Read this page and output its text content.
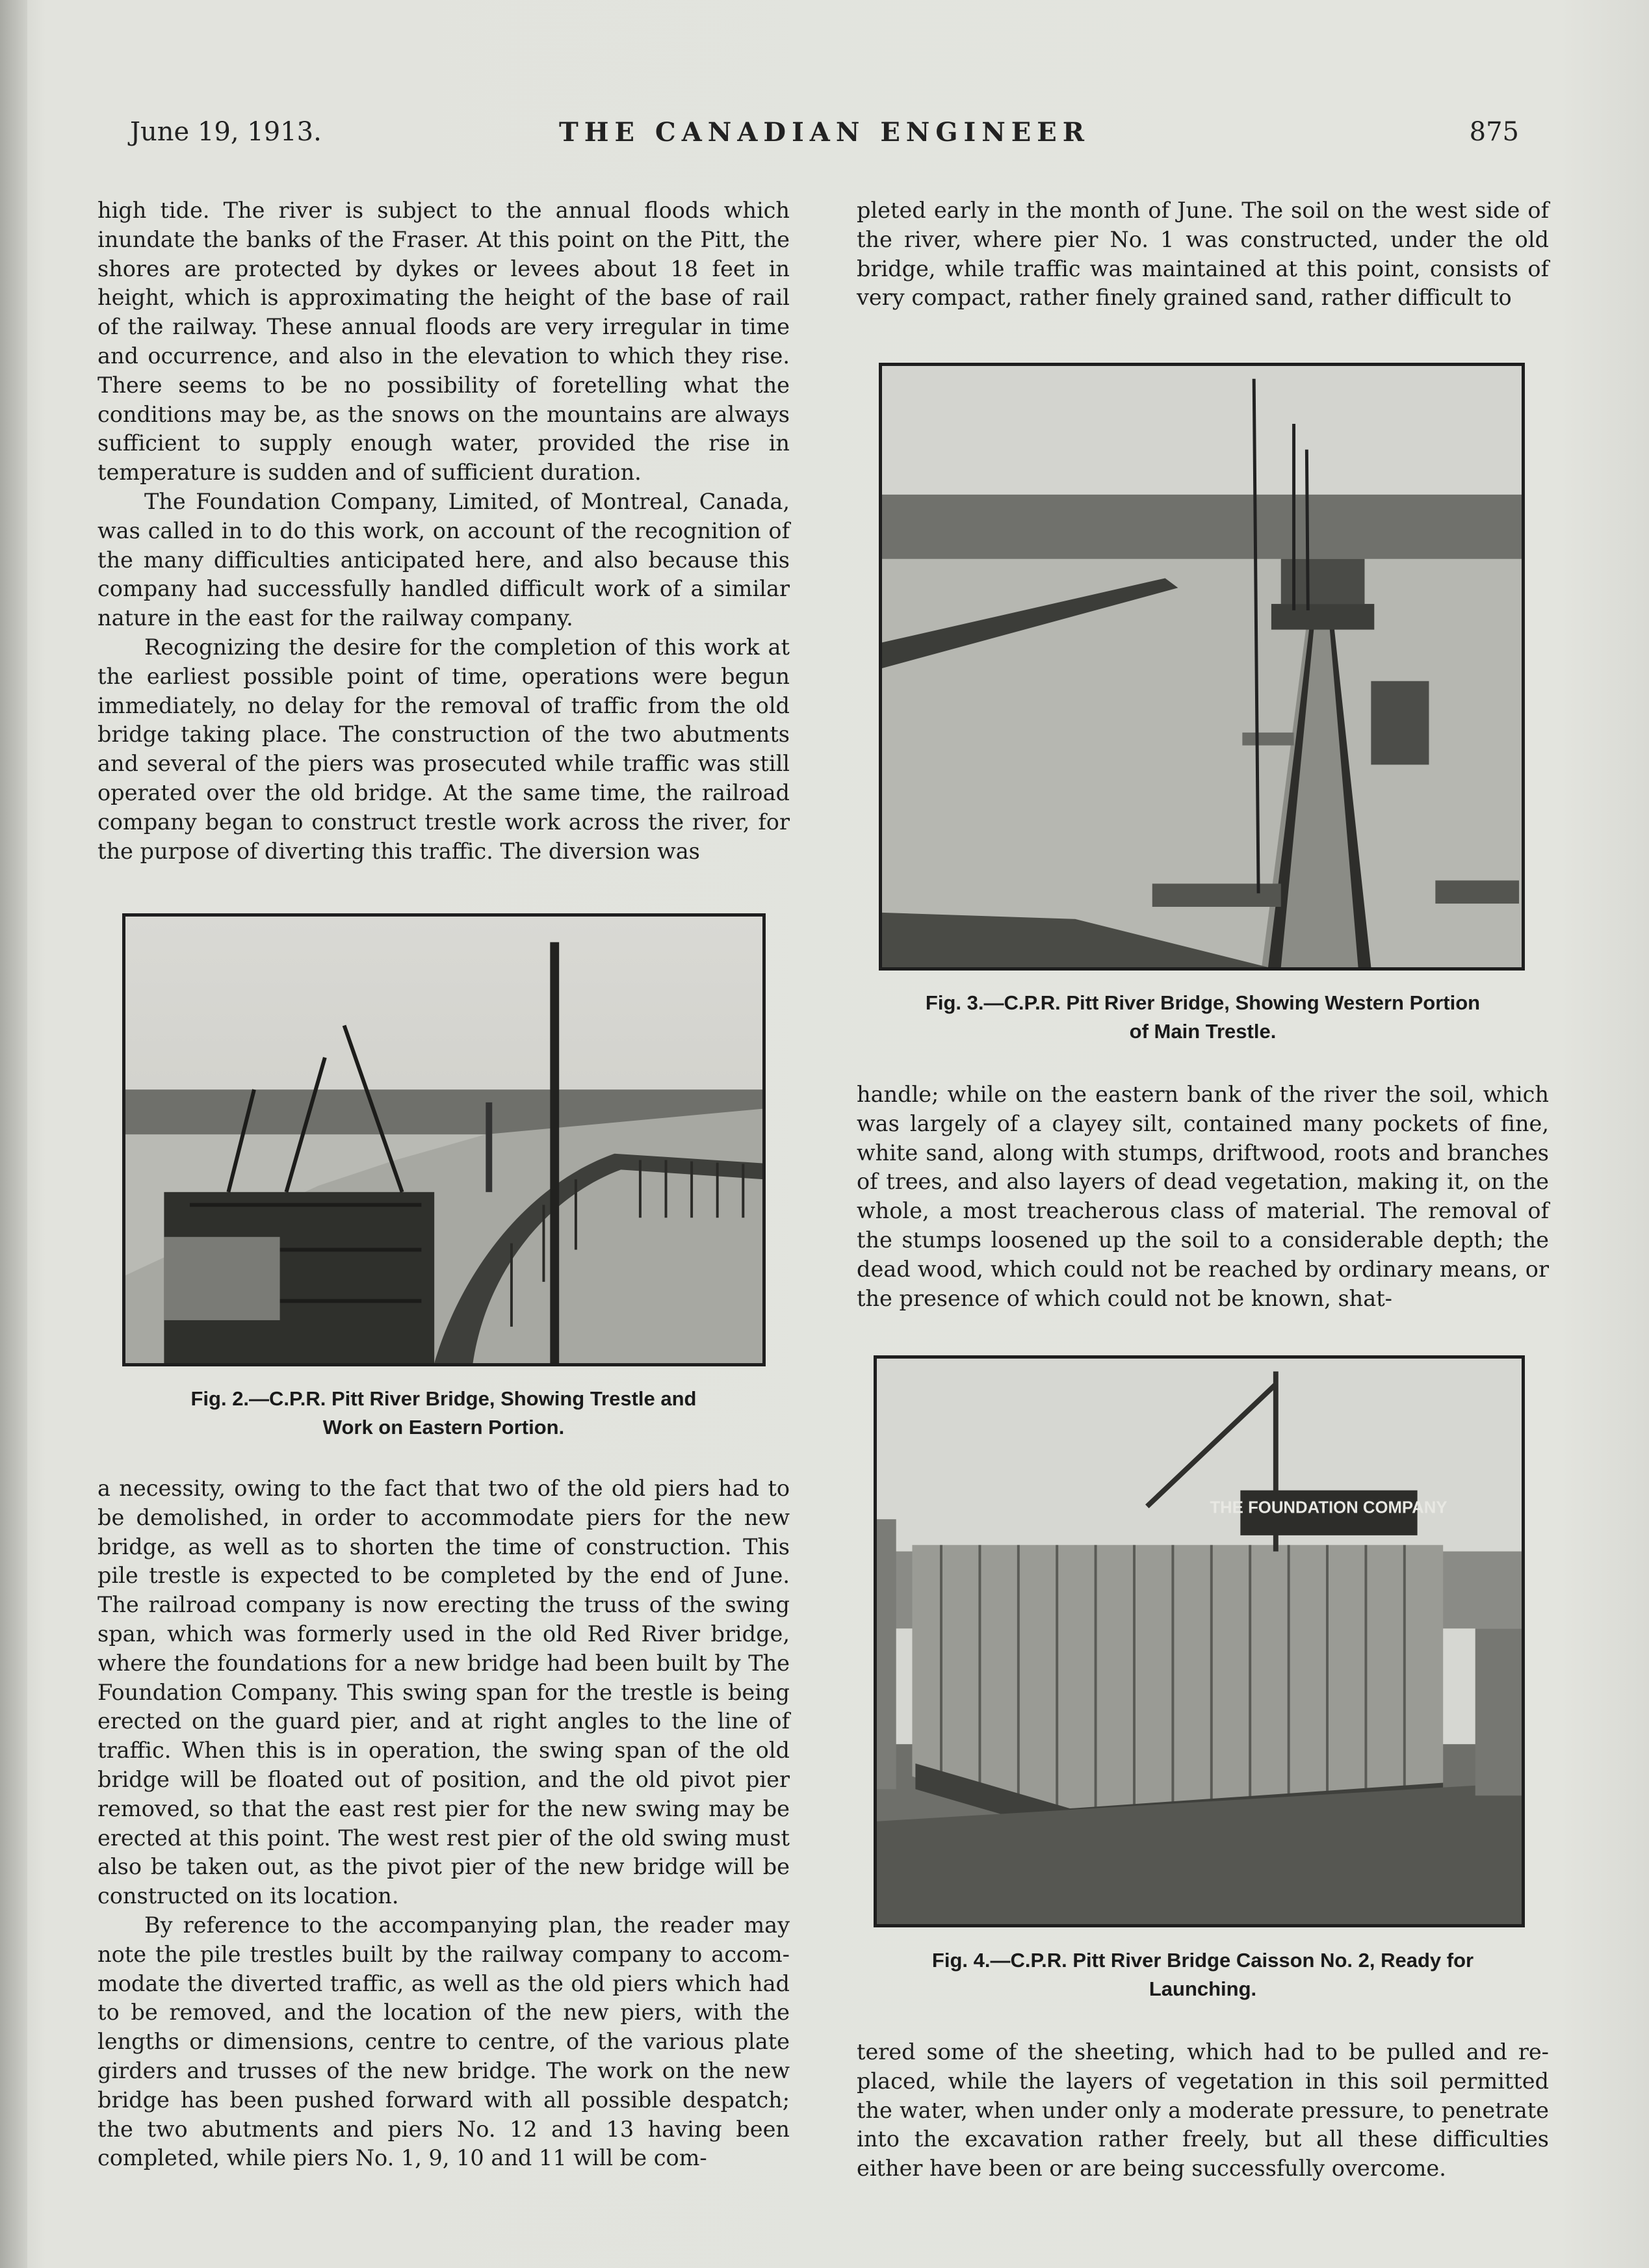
June 19, 1913.	THE CANADIAN ENGINEER	875

high tide. The river is subject to the annual floods which inundate the banks of the Fraser. At this point on the Pitt, the shores are protected by dykes or levees about 18 feet in height, which is approximating the height of the base of rail of the railway. These annual floods are very irregular in time and occurrence, and also in the elevation to which they rise. There seems to be no possibility of foretelling what the conditions may be, as the snows on the mountains are always sufficient to supply enough water, provided the rise in temperature is sudden and of sufficient duration.

The Foundation Company, Limited, of Montreal, Canada, was called in to do this work, on account of the recognition of the many difficulties anticipated here, and also because this company had successfully handled difficult work of a similar nature in the east for the railway company.

Recognizing the desire for the completion of this work at the earliest possible point of time, operations were begun immediately, no delay for the removal of traffic from the old bridge taking place. The construction of the two abutments and several of the piers was prosecuted while traffic was still operated over the old bridge. At the same time, the railroad company began to construct trestle work across the river, for the purpose of diverting this traffic. The diversion was

Fig. 2.—C.P.R. Pitt River Bridge, Showing Trestle and
Work on Eastern Portion.

a necessity, owing to the fact that two of the old piers had to be demolished, in order to accommodate piers for the new bridge, as well as to shorten the time of construction. This pile trestle is expected to be completed by the end of June. The railroad company is now erecting the truss of the swing span, which was formerly used in the old Red River bridge, where the foundations for a new bridge had been built by The Foundation Company. This swing span for the trestle is being erected on the guard pier, and at right angles to the line of traffic. When this is in operation, the swing span of the old bridge will be floated out of position, and the old pivot pier removed, so that the east rest pier for the new swing may be erected at this point. The west rest pier of the old swing must also be taken out, as the pivot pier of the new bridge will be constructed on its location.

By reference to the accompanying plan, the reader may note the pile trestles built by the railway company to accommodate the diverted traffic, as well as the old piers which had to be removed, and the location of the new piers, with the lengths or dimensions, centre to centre, of the various plate girders and trusses of the new bridge. The work on the new bridge has been pushed forward with all possible despatch; the two abutments and piers No. 12 and 13 having been completed, while piers No. 1, 9, 10 and 11 will be com-

pleted early in the month of June. The soil on the west side of the river, where pier No. 1 was constructed, under the old bridge, while traffic was maintained at this point, consists of very compact, rather finely grained sand, rather difficult to

Fig. 3.—C.P.R. Pitt River Bridge, Showing Western Portion
of Main Trestle.

handle; while on the eastern bank of the river the soil, which was largely of a clayey silt, contained many pockets of fine, white sand, along with stumps, driftwood, roots and branches of trees, and also layers of dead vegetation, making it, on the whole, a most treacherous class of material. The removal of the stumps loosened up the soil to a considerable depth; the dead wood, which could not be reached by ordinary means, or the presence of which could not be known, shat-

THE FOUNDATION COMPANY
Fig. 4.—C.P.R. Pitt River Bridge Caisson No. 2, Ready for
Launching.

tered some of the sheeting, which had to be pulled and replaced, while the layers of vegetation in this soil permitted the water, when under only a moderate pressure, to penetrate into the excavation rather freely, but all these difficulties either have been or are being successfully overcome.
